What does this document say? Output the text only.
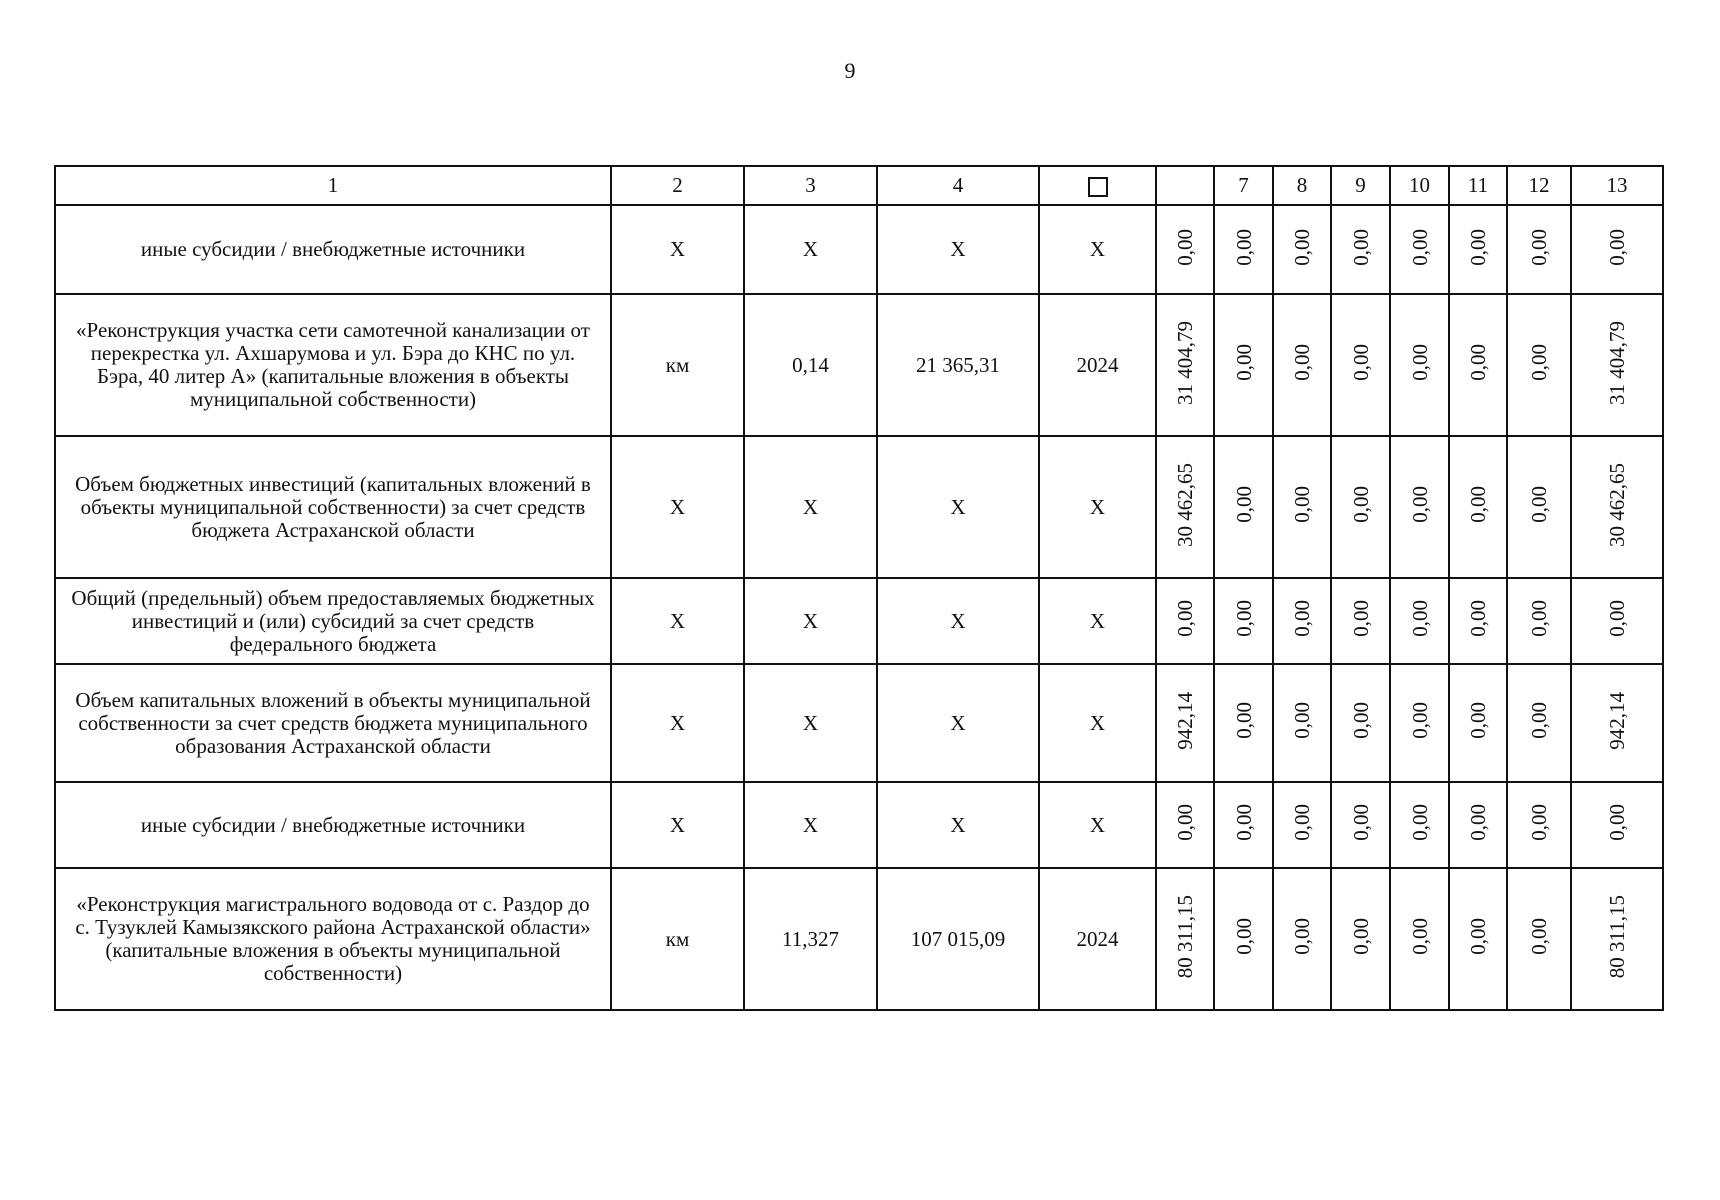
9
1	2	3	4			7	8	9	10	11	12	13
иные субсидии / внебюджетные источники	Х	Х	Х	Х	0,00	0,00	0,00	0,00	0,00	0,00	0,00	0,00
«Реконструкция участка сети самотечной канализации от перекрестка ул. Ахшарумова и ул. Бэра до КНС по ул. Бэра, 40 литер А» (капитальные вложения в объекты муниципальной собственности)	км	0,14	21 365,31	2024	31 404,79	0,00	0,00	0,00	0,00	0,00	0,00	31 404,79
Объем бюджетных инвестиций (капитальных вложений в объекты муниципальной собственности) за счет средств бюджета Астраханской области	Х	Х	Х	Х	30 462,65	0,00	0,00	0,00	0,00	0,00	0,00	30 462,65
Общий (предельный) объем предоставляемых бюджетных инвестиций и (или) субсидий за счет средств федерального бюджета	Х	Х	Х	Х	0,00	0,00	0,00	0,00	0,00	0,00	0,00	0,00
Объем капитальных вложений в объекты муниципальной собственности за счет средств бюджета муниципального образования Астраханской области	Х	Х	Х	Х	942,14	0,00	0,00	0,00	0,00	0,00	0,00	942,14
иные субсидии / внебюджетные источники	Х	Х	Х	Х	0,00	0,00	0,00	0,00	0,00	0,00	0,00	0,00
«Реконструкция магистрального водовода от с. Раздор до с. Тузуклей Камызякского района Астраханской области» (капитальные вложения в объекты муниципальной собственности)	км	11,327	107 015,09	2024	80 311,15	0,00	0,00	0,00	0,00	0,00	0,00	80 311,15
